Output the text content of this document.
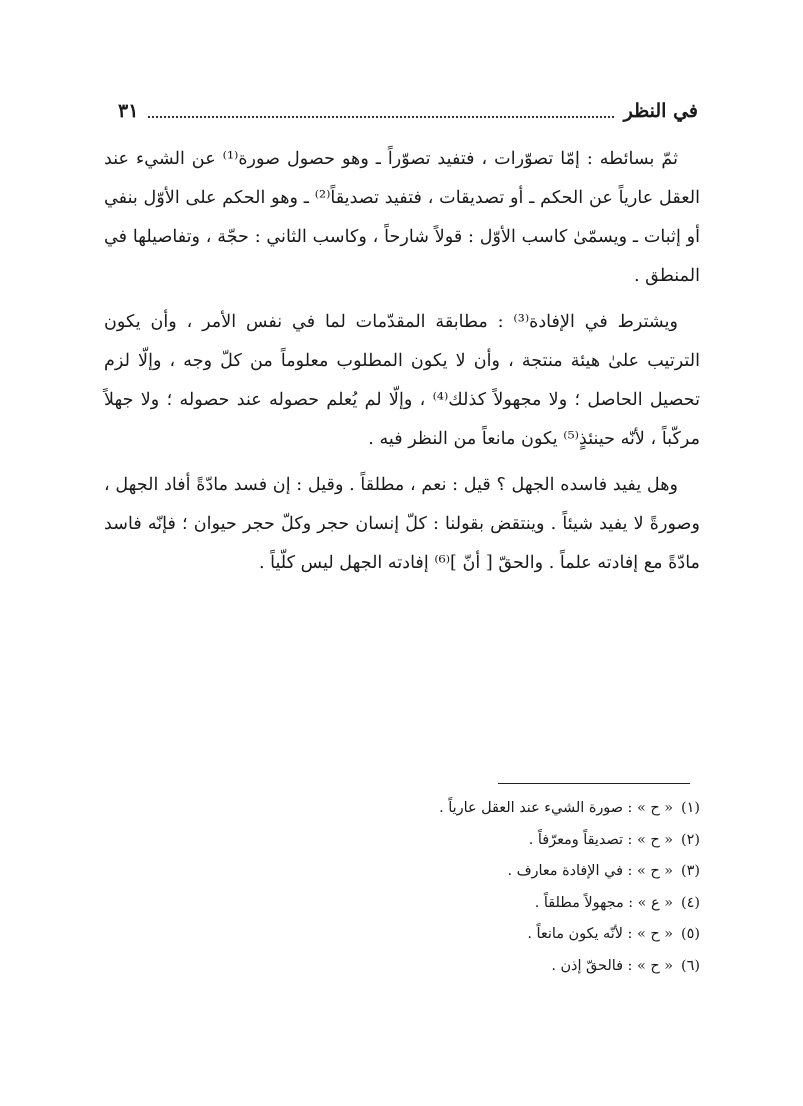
في النظر
٣١

ثمّ بسائطه : إمّا تصوّرات ، فتفيد تصوّراً ـ وهو حصول صورة⁽¹⁾ عن الشيء عند العقل عارياً عن الحكم ـ أو تصديقات ، فتفيد تصديقاً⁽²⁾ ـ وهو الحكم على الأوّل بنفي أو إثبات ـ ويسمّىٰ كاسب الأوّل : قولاً شارحاً ، وكاسب الثاني : حجّة ، وتفاصيلها في المنطق .

ويشترط في الإفادة⁽³⁾ : مطابقة المقدّمات لما في نفس الأمر ، وأن يكون الترتيب علىٰ هيئة منتجة ، وأن لا يكون المطلوب معلوماً من كلّ وجه ، وإلّا لزم تحصيل الحاصل ؛ ولا مجهولاً كذلك⁽⁴⁾ ، وإلّا لم يُعلم حصوله عند حصوله ؛ ولا جهلاً مركّباً ، لأنّه حينئذٍ⁽⁵⁾ يكون مانعاً من النظر فيه .

وهل يفيد فاسده الجهل ؟ قيل : نعم ، مطلقاً . وقيل : إن فسد مادّةً أفاد الجهل ، وصورةً لا يفيد شيئاً . وينتقض بقولنا : كلّ إنسان حجر وكلّ حجر حيوان ؛ فإنّه فاسد مادّةً مع إفادته علماً . والحقّ [ أنّ ]⁽⁶⁾ إفادته الجهل ليس كلّياً .

(١)« ح » : صورة الشيء عند العقل عارياً .
(٢)« ح » : تصديقاً ومعرّفاً .
(٣)« ح » : في الإفادة معارف .
(٤)« ع » : مجهولاً مطلقاً .
(٥)« ح » : لأنّه يكون مانعاً .
(٦)« ح » : فالحقّ إذن .
